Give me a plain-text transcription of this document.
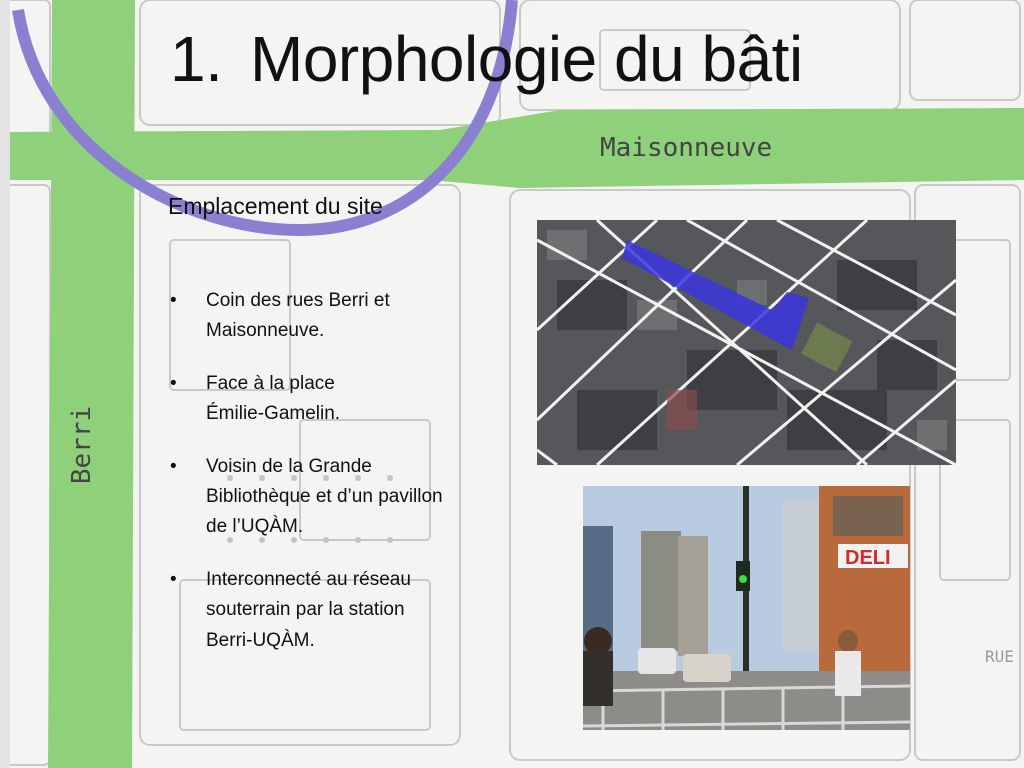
1. Morphologie du bâti
Maisonneuve
Berri
Emplacement du site
• Coin des rues Berri et
Maisonneuve.
• Face à la place
Émilie-Gamelin.
• Voisin de la Grande
Bibliothèque et d’un pavillon
de l’UQÀM.
• Interconnecté au réseau
souterrain par la station
Berri-UQÀM.
DELI
RUE
